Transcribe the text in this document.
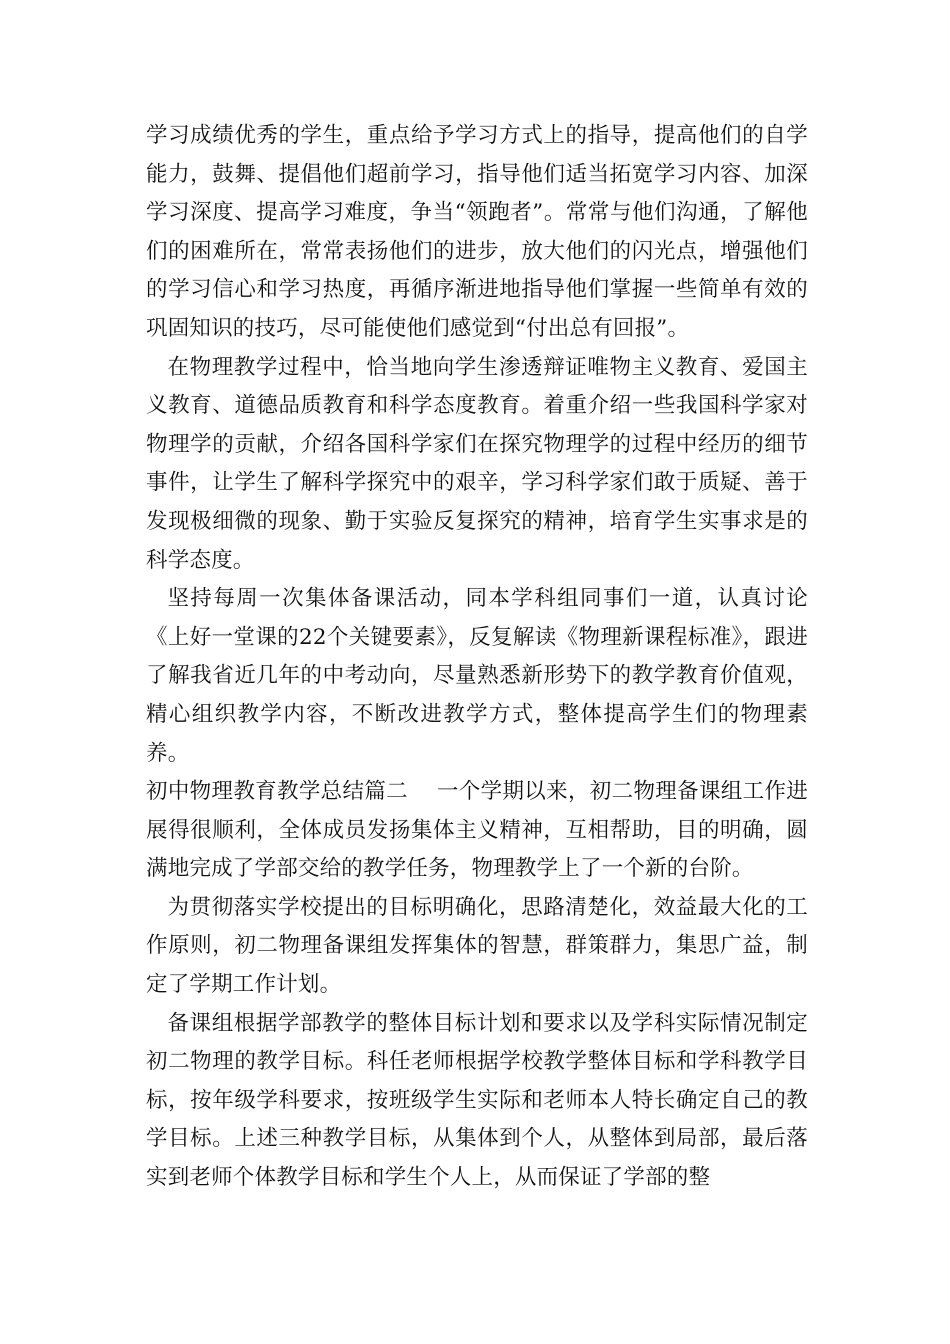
学习成绩优秀的学生，重点给予学习方式上的指导，提高他们的自学能力，鼓舞、提倡他们超前学习，指导他们适当拓宽学习内容、加深学习深度、提高学习难度，争当“领跑者”。常常与他们沟通，了解他们的困难所在，常常表扬他们的进步，放大他们的闪光点，增强他们的学习信心和学习热度，再循序渐进地指导他们掌握一些简单有效的巩固知识的技巧，尽可能使他们感觉到“付出总有回报”。

在物理教学过程中，恰当地向学生渗透辩证唯物主义教育、爱国主义教育、道德品质教育和科学态度教育。着重介绍一些我国科学家对物理学的贡献，介绍各国科学家们在探究物理学的过程中经历的细节事件，让学生了解科学探究中的艰辛，学习科学家们敢于质疑、善于发现极细微的现象、勤于实验反复探究的精神，培育学生实事求是的科学态度。

坚持每周一次集体备课活动，同本学科组同事们一道，认真讨论《上好一堂课的22个关键要素》，反复解读《物理新课程标准》，跟进了解我省近几年的中考动向，尽量熟悉新形势下的教学教育价值观，精心组织教学内容，不断改进教学方式，整体提高学生们的物理素养。

初中物理教育教学总结篇二　 一个学期以来，初二物理备课组工作进展得很顺利，全体成员发扬集体主义精神，互相帮助，目的明确，圆满地完成了学部交给的教学任务，物理教学上了一个新的台阶。

为贯彻落实学校提出的目标明确化，思路清楚化，效益最大化的工作原则，初二物理备课组发挥集体的智慧，群策群力，集思广益，制定了学期工作计划。

备课组根据学部教学的整体目标计划和要求以及学科实际情况制定初二物理的教学目标。科任老师根据学校教学整体目标和学科教学目标，按年级学科要求，按班级学生实际和老师本人特长确定自己的教学目标。上述三种教学目标，从集体到个人，从整体到局部，最后落实到老师个体教学目标和学生个人上，从而保证了学部的整
